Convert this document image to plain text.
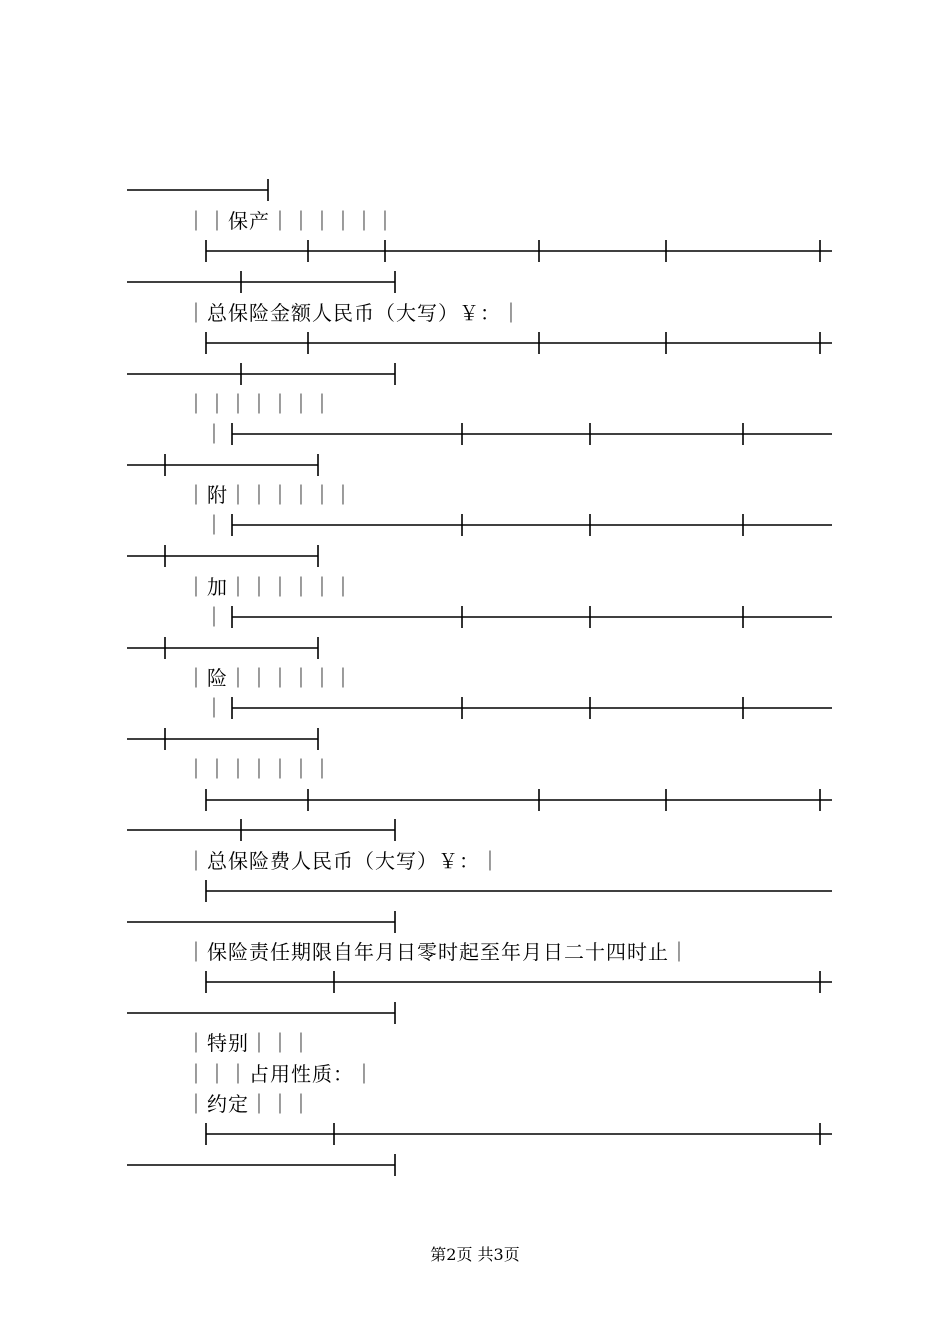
｜｜保产｜｜｜｜｜｜
｜总保险金额人民币（大写）￥：｜
｜｜｜｜｜｜｜
｜
｜附｜｜｜｜｜｜
｜
｜加｜｜｜｜｜｜
｜
｜险｜｜｜｜｜｜
｜
｜｜｜｜｜｜｜
｜总保险费人民币（大写）￥：｜
｜保险责任期限自年月日零时起至年月日二十四时止｜
｜特别｜｜｜
｜｜｜占用性质：｜
｜约定｜｜｜
第2页 共3页
